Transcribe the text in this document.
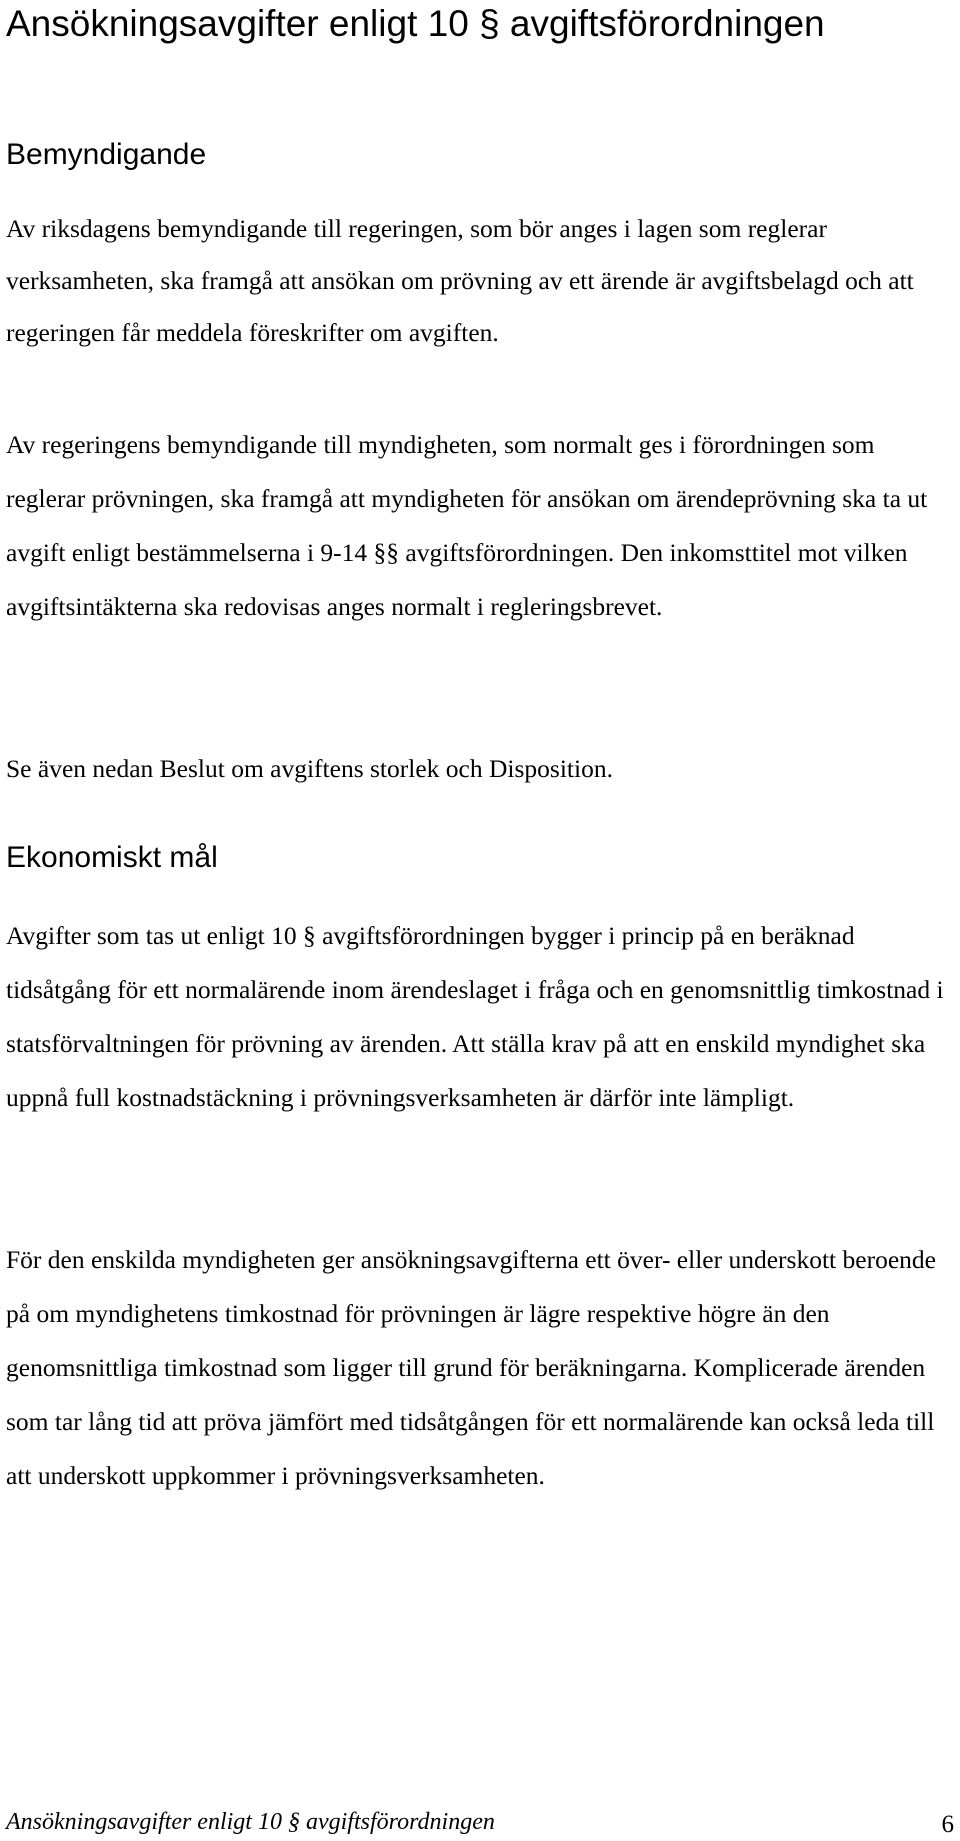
Ansökningsavgifter enligt 10 § avgiftsförordningen
Bemyndigande

Av riksdagens bemyndigande till regeringen, som bör anges i lagen som reglerar verksamheten, ska framgå att ansökan om prövning av ett ärende är avgiftsbelagd och att regeringen får meddela föreskrifter om avgiften.

Av regeringens bemyndigande till myndigheten, som normalt ges i förordningen som reglerar prövningen, ska framgå att myndigheten för ansökan om ärendeprövning ska ta ut avgift enligt bestämmelserna i 9-14 §§ avgiftsförordningen. Den inkomsttitel mot vilken avgiftsintäkterna ska redovisas anges normalt i regleringsbrevet.

Se även nedan Beslut om avgiftens storlek och Disposition.

Ekonomiskt mål

Avgifter som tas ut enligt 10 § avgiftsförordningen bygger i princip på en beräknad tidsåtgång för ett normalärende inom ärendeslaget i fråga och en genomsnittlig timkostnad i statsförvaltningen för prövning av ärenden. Att ställa krav på att en enskild myndighet ska uppnå full kostnadstäckning i prövningsverksamheten är därför inte lämpligt.

För den enskilda myndigheten ger ansökningsavgifterna ett över- eller underskott beroende på om myndighetens timkostnad för prövningen är lägre respektive högre än den genomsnittliga timkostnad som ligger till grund för beräkningarna. Komplicerade ärenden som tar lång tid att pröva jämfört med tidsåtgången för ett normalärende kan också leda till att underskott uppkommer i prövningsverksamheten.

Ansökningsavgifter enligt 10 § avgiftsförordningen	6
